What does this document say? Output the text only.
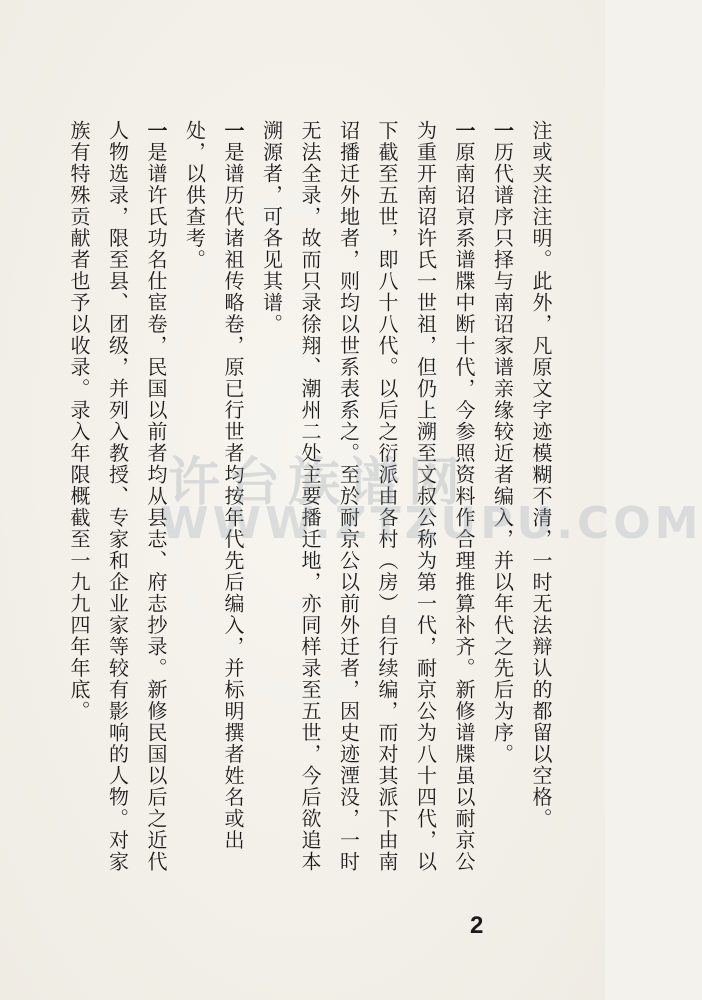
注或夹注注明。此外，凡原文字迹模糊不清，一时无法辩认的都留以空格。

一历代谱序只择与南诏家谱亲缘较近者编入，并以年代之先后为序。

一原南诏亰系谱牒中断十代，今参照资料作合理推算补齐。新修谱牒虽以耐京公为重开南诏许氏一世祖，但仍上溯至文叔公称为第一代，耐京公为八十四代，以下截至五世，即八十八代。以后之衍派由各村（房）自行续编，而对其派下由南诏播迁外地者，则均以世系表系之。至於耐京公以前外迁者，因史迹湮没，一时无法全录，故而只录徐翔、潮州二处主要播迁地，亦同样录至五世，今后欲追本溯源者，可各见其谱。

一是谱历代诸祖传略卷，原已行世者均按年代先后编入，并标明撰者姓名或出处，以供查考。

一是谱许氏功名仕宦卷，民国以前者均从县志、府志抄录。新修民国以后之近代人物选录，限至县、团级，并列入教授、专家和企业家等较有影响的人物。对家族有特殊贡献者也予以收录。录入年限概截至一九九四年年底。	许台族谱网
WWW.ZTZUPU.COM
2
